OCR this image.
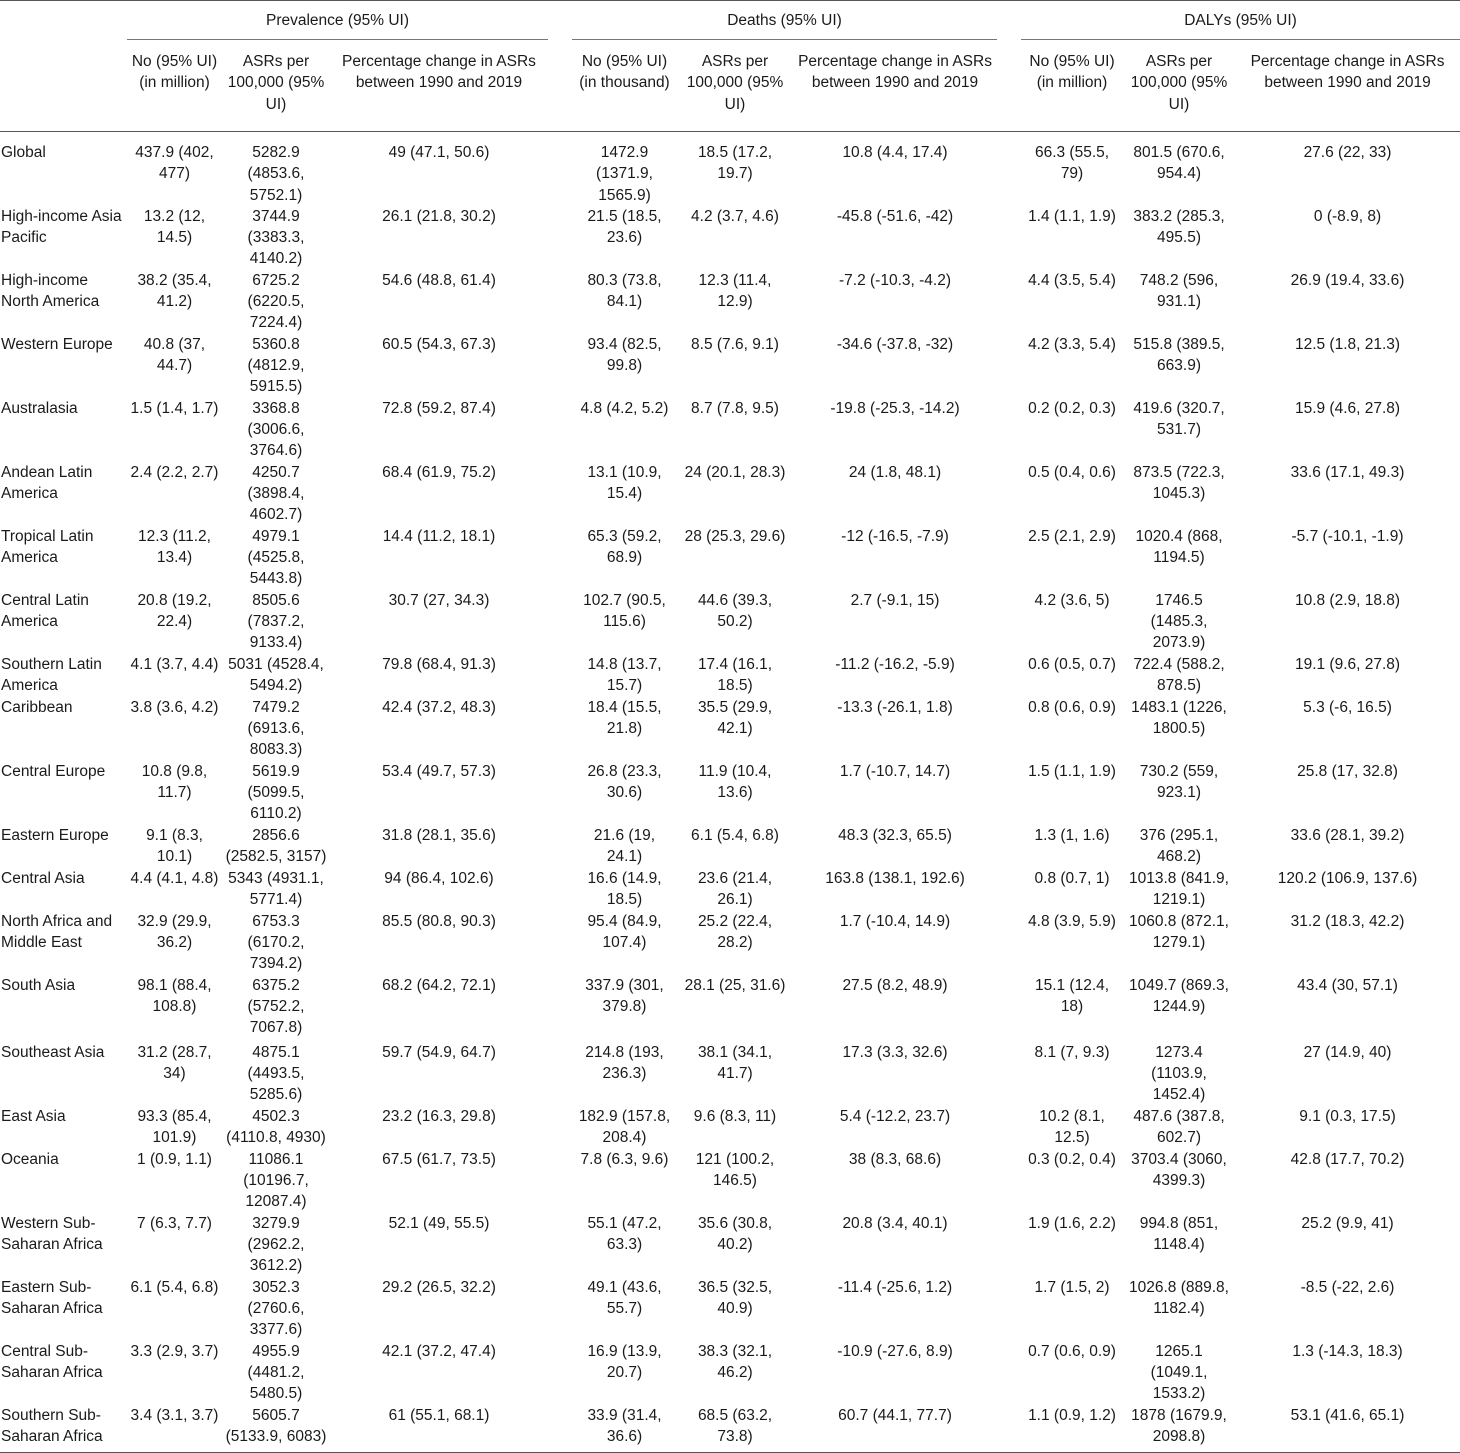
	Prevalence (95% UI)				Deaths (95% UI)				DALYs (95% UI)		
	No (95% UI) (in million)	ASRs per 100,000 (95% UI)	Percentage change in ASRs between 1990 and 2019		No (95% UI) (in thousand)	ASRs per 100,000 (95% UI)	Percentage change in ASRs between 1990 and 2019		No (95% UI) (in million)	ASRs per 100,000 (95% UI)	Percentage change in ASRs between 1990 and 2019
Global	437.9 (402, 477)	5282.9 (4853.6, 5752.1)	49 (47.1, 50.6)		1472.9 (1371.9, 1565.9)	18.5 (17.2, 19.7)	10.8 (4.4, 17.4)		66.3 (55.5, 79)	801.5 (670.6, 954.4)	27.6 (22, 33)
High-income Asia Pacific	13.2 (12, 14.5)	3744.9 (3383.3, 4140.2)	26.1 (21.8, 30.2)		21.5 (18.5, 23.6)	4.2 (3.7, 4.6)	-45.8 (-51.6, -42)		1.4 (1.1, 1.9)	383.2 (285.3, 495.5)	0 (-8.9, 8)
High-income North America	38.2 (35.4, 41.2)	6725.2 (6220.5, 7224.4)	54.6 (48.8, 61.4)		80.3 (73.8, 84.1)	12.3 (11.4, 12.9)	-7.2 (-10.3, -4.2)		4.4 (3.5, 5.4)	748.2 (596, 931.1)	26.9 (19.4, 33.6)
Western Europe	40.8 (37, 44.7)	5360.8 (4812.9, 5915.5)	60.5 (54.3, 67.3)		93.4 (82.5, 99.8)	8.5 (7.6, 9.1)	-34.6 (-37.8, -32)		4.2 (3.3, 5.4)	515.8 (389.5, 663.9)	12.5 (1.8, 21.3)
Australasia	1.5 (1.4, 1.7)	3368.8 (3006.6, 3764.6)	72.8 (59.2, 87.4)		4.8 (4.2, 5.2)	8.7 (7.8, 9.5)	-19.8 (-25.3, -14.2)		0.2 (0.2, 0.3)	419.6 (320.7, 531.7)	15.9 (4.6, 27.8)
Andean Latin America	2.4 (2.2, 2.7)	4250.7 (3898.4, 4602.7)	68.4 (61.9, 75.2)		13.1 (10.9, 15.4)	24 (20.1, 28.3)	24 (1.8, 48.1)		0.5 (0.4, 0.6)	873.5 (722.3, 1045.3)	33.6 (17.1, 49.3)
Tropical Latin America	12.3 (11.2, 13.4)	4979.1 (4525.8, 5443.8)	14.4 (11.2, 18.1)		65.3 (59.2, 68.9)	28 (25.3, 29.6)	-12 (-16.5, -7.9)		2.5 (2.1, 2.9)	1020.4 (868, 1194.5)	-5.7 (-10.1, -1.9)
Central Latin America	20.8 (19.2, 22.4)	8505.6 (7837.2, 9133.4)	30.7 (27, 34.3)		102.7 (90.5, 115.6)	44.6 (39.3, 50.2)	2.7 (-9.1, 15)		4.2 (3.6, 5)	1746.5 (1485.3, 2073.9)	10.8 (2.9, 18.8)
Southern Latin America	4.1 (3.7, 4.4)	5031 (4528.4, 5494.2)	79.8 (68.4, 91.3)		14.8 (13.7, 15.7)	17.4 (16.1, 18.5)	-11.2 (-16.2, -5.9)		0.6 (0.5, 0.7)	722.4 (588.2, 878.5)	19.1 (9.6, 27.8)
Caribbean	3.8 (3.6, 4.2)	7479.2 (6913.6, 8083.3)	42.4 (37.2, 48.3)		18.4 (15.5, 21.8)	35.5 (29.9, 42.1)	-13.3 (-26.1, 1.8)		0.8 (0.6, 0.9)	1483.1 (1226, 1800.5)	5.3 (-6, 16.5)
Central Europe	10.8 (9.8, 11.7)	5619.9 (5099.5, 6110.2)	53.4 (49.7, 57.3)		26.8 (23.3, 30.6)	11.9 (10.4, 13.6)	1.7 (-10.7, 14.7)		1.5 (1.1, 1.9)	730.2 (559, 923.1)	25.8 (17, 32.8)
Eastern Europe	9.1 (8.3, 10.1)	2856.6 (2582.5, 3157)	31.8 (28.1, 35.6)		21.6 (19, 24.1)	6.1 (5.4, 6.8)	48.3 (32.3, 65.5)		1.3 (1, 1.6)	376 (295.1, 468.2)	33.6 (28.1, 39.2)
Central Asia	4.4 (4.1, 4.8)	5343 (4931.1, 5771.4)	94 (86.4, 102.6)		16.6 (14.9, 18.5)	23.6 (21.4, 26.1)	163.8 (138.1, 192.6)		0.8 (0.7, 1)	1013.8 (841.9, 1219.1)	120.2 (106.9, 137.6)
North Africa and Middle East	32.9 (29.9, 36.2)	6753.3 (6170.2, 7394.2)	85.5 (80.8, 90.3)		95.4 (84.9, 107.4)	25.2 (22.4, 28.2)	1.7 (-10.4, 14.9)		4.8 (3.9, 5.9)	1060.8 (872.1, 1279.1)	31.2 (18.3, 42.2)
South Asia	98.1 (88.4, 108.8)	6375.2 (5752.2, 7067.8)	68.2 (64.2, 72.1)		337.9 (301, 379.8)	28.1 (25, 31.6)	27.5 (8.2, 48.9)		15.1 (12.4, 18)	1049.7 (869.3, 1244.9)	43.4 (30, 57.1)
Southeast Asia	31.2 (28.7, 34)	4875.1 (4493.5, 5285.6)	59.7 (54.9, 64.7)		214.8 (193, 236.3)	38.1 (34.1, 41.7)	17.3 (3.3, 32.6)		8.1 (7, 9.3)	1273.4 (1103.9, 1452.4)	27 (14.9, 40)
East Asia	93.3 (85.4, 101.9)	4502.3 (4110.8, 4930)	23.2 (16.3, 29.8)		182.9 (157.8, 208.4)	9.6 (8.3, 11)	5.4 (-12.2, 23.7)		10.2 (8.1, 12.5)	487.6 (387.8, 602.7)	9.1 (0.3, 17.5)
Oceania	1 (0.9, 1.1)	11086.1 (10196.7, 12087.4)	67.5 (61.7, 73.5)		7.8 (6.3, 9.6)	121 (100.2, 146.5)	38 (8.3, 68.6)		0.3 (0.2, 0.4)	3703.4 (3060, 4399.3)	42.8 (17.7, 70.2)
Western Sub-Saharan Africa	7 (6.3, 7.7)	3279.9 (2962.2, 3612.2)	52.1 (49, 55.5)		55.1 (47.2, 63.3)	35.6 (30.8, 40.2)	20.8 (3.4, 40.1)		1.9 (1.6, 2.2)	994.8 (851, 1148.4)	25.2 (9.9, 41)
Eastern Sub-Saharan Africa	6.1 (5.4, 6.8)	3052.3 (2760.6, 3377.6)	29.2 (26.5, 32.2)		49.1 (43.6, 55.7)	36.5 (32.5, 40.9)	-11.4 (-25.6, 1.2)		1.7 (1.5, 2)	1026.8 (889.8, 1182.4)	-8.5 (-22, 2.6)
Central Sub-Saharan Africa	3.3 (2.9, 3.7)	4955.9 (4481.2, 5480.5)	42.1 (37.2, 47.4)		16.9 (13.9, 20.7)	38.3 (32.1, 46.2)	-10.9 (-27.6, 8.9)		0.7 (0.6, 0.9)	1265.1 (1049.1, 1533.2)	1.3 (-14.3, 18.3)
Southern Sub-Saharan Africa	3.4 (3.1, 3.7)	5605.7 (5133.9, 6083)	61 (55.1, 68.1)		33.9 (31.4, 36.6)	68.5 (63.2, 73.8)	60.7 (44.1, 77.7)		1.1 (0.9, 1.2)	1878 (1679.9, 2098.8)	53.1 (41.6, 65.1)
